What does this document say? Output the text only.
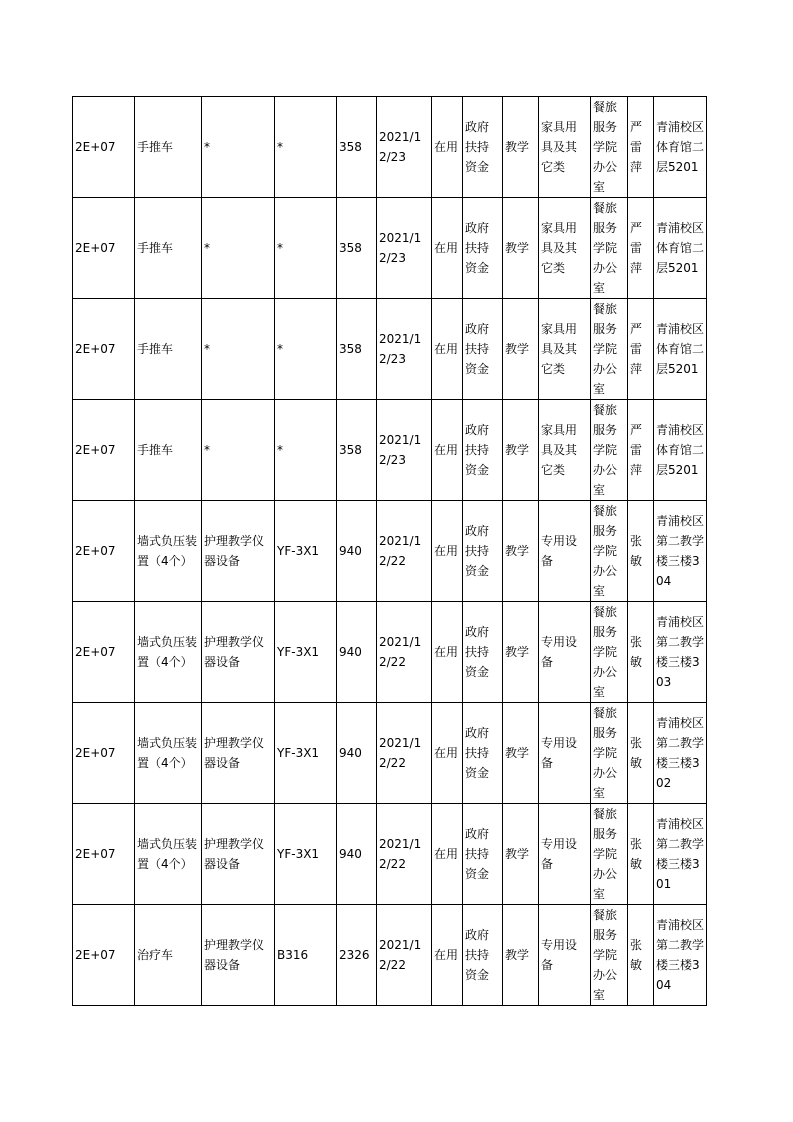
2E+07	手推车	*	*	358	2021/12/23	在用	政府扶持资金	教学	家具用具及其它类	餐旅服务学院办公室	严雷萍	青浦校区体育馆二层5201
2E+07	手推车	*	*	358	2021/12/23	在用	政府扶持资金	教学	家具用具及其它类	餐旅服务学院办公室	严雷萍	青浦校区体育馆二层5201
2E+07	手推车	*	*	358	2021/12/23	在用	政府扶持资金	教学	家具用具及其它类	餐旅服务学院办公室	严雷萍	青浦校区体育馆二层5201
2E+07	手推车	*	*	358	2021/12/23	在用	政府扶持资金	教学	家具用具及其它类	餐旅服务学院办公室	严雷萍	青浦校区体育馆二层5201
2E+07	墙式负压装置（4个）	护理教学仪器设备	YF-3X1	940	2021/12/22	在用	政府扶持资金	教学	专用设备	餐旅服务学院办公室	张敏	青浦校区第二教学楼三楼304
2E+07	墙式负压装置（4个）	护理教学仪器设备	YF-3X1	940	2021/12/22	在用	政府扶持资金	教学	专用设备	餐旅服务学院办公室	张敏	青浦校区第二教学楼三楼303
2E+07	墙式负压装置（4个）	护理教学仪器设备	YF-3X1	940	2021/12/22	在用	政府扶持资金	教学	专用设备	餐旅服务学院办公室	张敏	青浦校区第二教学楼三楼302
2E+07	墙式负压装置（4个）	护理教学仪器设备	YF-3X1	940	2021/12/22	在用	政府扶持资金	教学	专用设备	餐旅服务学院办公室	张敏	青浦校区第二教学楼三楼301
2E+07	治疗车	护理教学仪器设备	B316	2326	2021/12/22	在用	政府扶持资金	教学	专用设备	餐旅服务学院办公室	张敏	青浦校区第二教学楼三楼304
